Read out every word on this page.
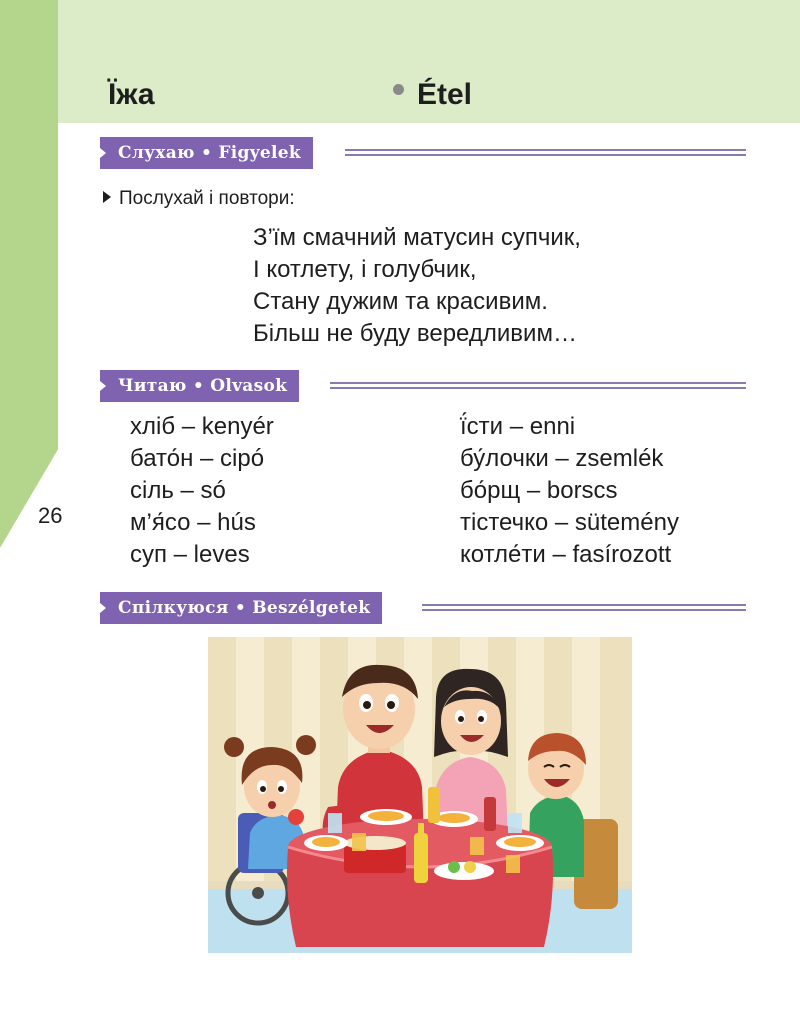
Їжа	Étel
26
Слухаю • Figyelek
Послухай і повтори:
З’їм смачний матусин супчик,
І котлету, і голубчик,
Стану дужим та красивим.
Більш не буду вередливим…
Читаю • Olvasok
хліб – kenyér
бато́н – cipó
сіль – só
м’я́со – hús
суп – leves
ї́сти – enni
бу́лочки – zsemlék
бо́рщ – borscs
тістечко – sütemény
котле́ти – fasírozott
Спілкуюся • Beszélgetek
